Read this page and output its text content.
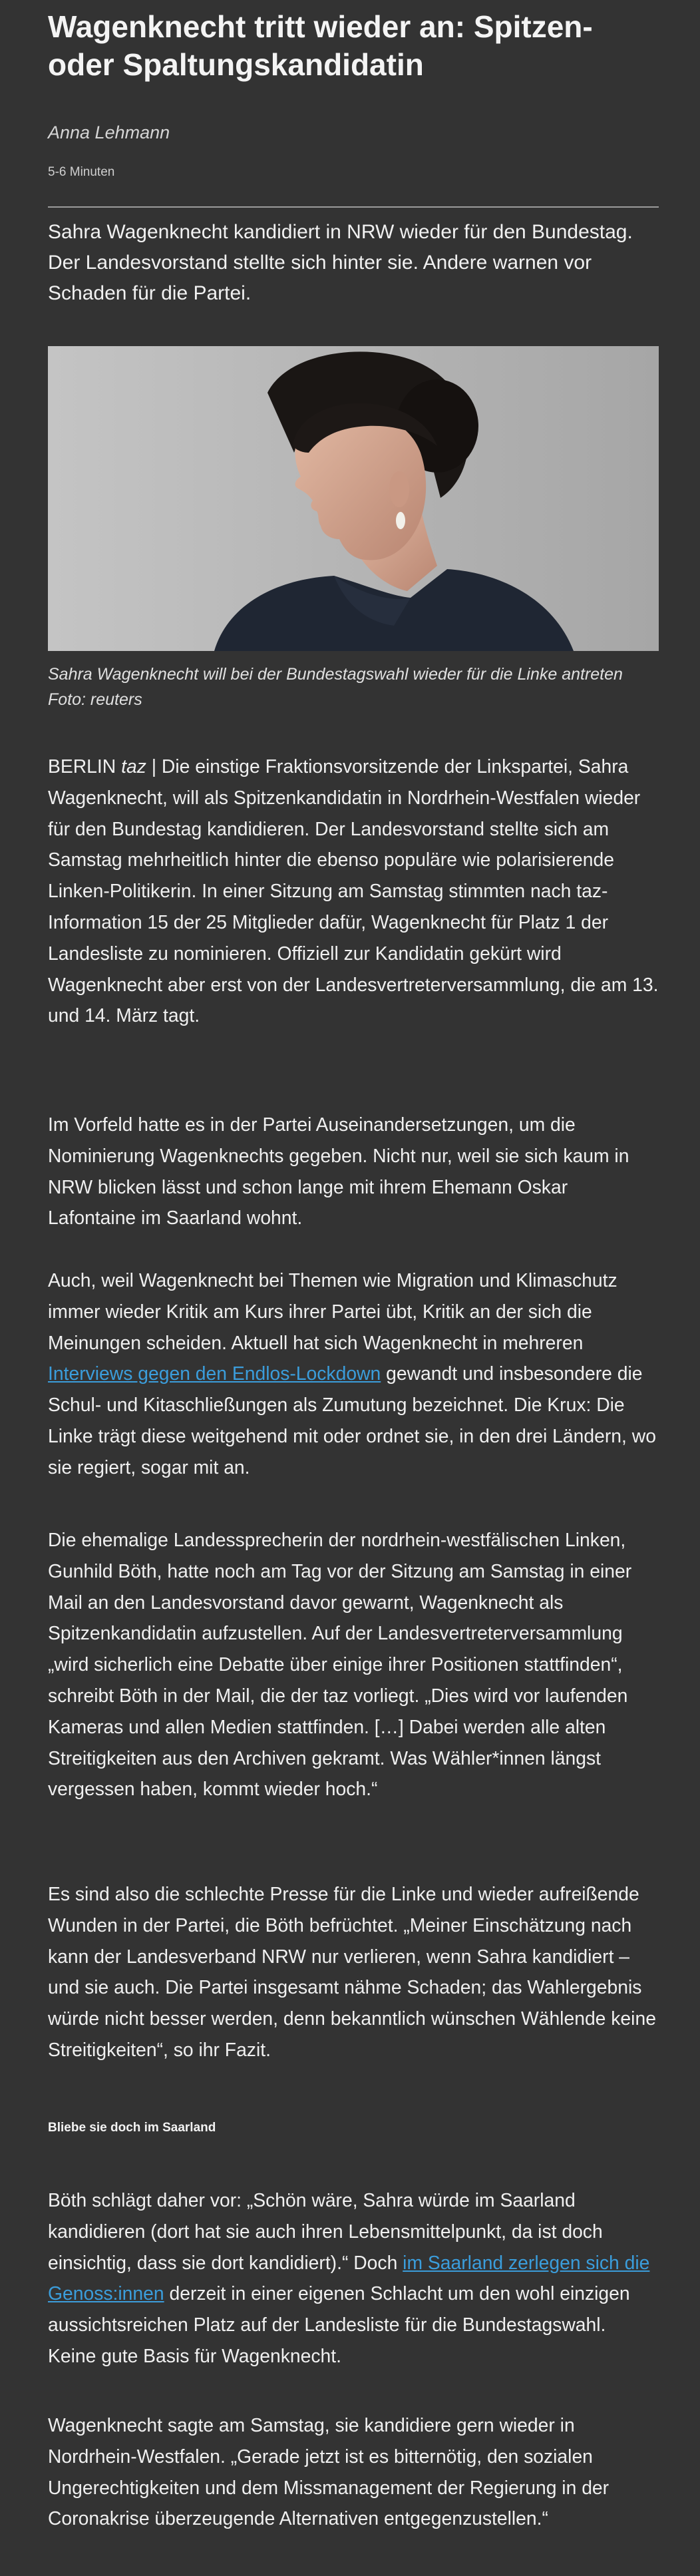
Wagenknecht tritt wieder an: Spitzen- oder Spaltungskandidatin
Anna Lehmann
5-6 Minuten

Sahra Wagenknecht kandidiert in NRW wieder für den Bundestag. Der Landesvorstand stellte sich hinter sie. Andere warnen vor Schaden für die Partei.

Sahra Wagenknecht will bei der Bundestagswahl wieder für die Linke antreten Foto: reuters

BERLIN taz | Die einstige Fraktionsvorsitzende der Linkspartei, Sahra Wagenknecht, will als Spitzenkandidatin in Nordrhein-Westfalen wieder für den Bundestag kandidieren. Der Landesvorstand stellte sich am Samstag mehrheitlich hinter die ebenso populäre wie polarisierende Linken-Politikerin. In einer Sitzung am Samstag stimmten nach taz-Information 15 der 25 Mitglieder dafür, Wagenknecht für Platz 1 der Landesliste zu nominieren. Offiziell zur Kandidatin gekürt wird Wagenknecht aber erst von der Landesvertreterversammlung, die am 13. und 14. März tagt.

Im Vorfeld hatte es in der Partei Auseinandersetzungen, um die Nominierung Wagenknechts gegeben. Nicht nur, weil sie sich kaum in NRW blicken lässt und schon lange mit ihrem Ehemann Oskar Lafontaine im Saarland wohnt.

Auch, weil Wagenknecht bei Themen wie Migration und Klimaschutz immer wieder Kritik am Kurs ihrer Partei übt, Kritik an der sich die Meinungen scheiden. Aktuell hat sich Wagenknecht in mehreren Interviews gegen den Endlos-Lockdown gewandt und insbesondere die Schul- und Kitaschließungen als Zumutung bezeichnet. Die Krux: Die Linke trägt diese weitgehend mit oder ordnet sie, in den drei Ländern, wo sie regiert, sogar mit an.

Die ehemalige Landessprecherin der nordrhein-westfälischen Linken, Gunhild Böth, hatte noch am Tag vor der Sitzung am Samstag in einer Mail an den Landesvorstand davor gewarnt, Wagenknecht als Spitzenkandidatin aufzustellen. Auf der Landesvertreterversammlung „wird sicherlich eine Debatte über einige ihrer Positionen stattfinden“, schreibt Böth in der Mail, die der taz vorliegt. „Dies wird vor laufenden Kameras und allen Medien stattfinden. […] Dabei werden alle alten Streitigkeiten aus den Archiven gekramt. Was Wähler*innen längst vergessen haben, kommt wieder hoch.“

Es sind also die schlechte Presse für die Linke und wieder aufreißende Wunden in der Partei, die Böth befrüchtet. „Meiner Einschätzung nach kann der Landesverband NRW nur verlieren, wenn Sahra kandidiert – und sie auch. Die Partei insgesamt nähme Schaden; das Wahlergebnis würde nicht besser werden, denn bekanntlich wünschen Wählende keine Streitigkeiten“, so ihr Fazit.

Bliebe sie doch im Saarland

Böth schlägt daher vor: „Schön wäre, Sahra würde im Saarland kandidieren (dort hat sie auch ihren Lebensmittelpunkt, da ist doch einsichtig, dass sie dort kandidiert).“ Doch im Saarland zerlegen sich die Genoss:innen derzeit in einer eigenen Schlacht um den wohl einzigen aussichtsreichen Platz auf der Landesliste für die Bundestagswahl. Keine gute Basis für Wagenknecht.

Wagenknecht sagte am Samstag, sie kandidiere gern wieder in Nordrhein-Westfalen. „Gerade jetzt ist es bitternötig, den sozialen Ungerechtigkeiten und dem Missmanagement der Regierung in der Coronakrise überzeugende Alternativen entgegenzustellen.“
